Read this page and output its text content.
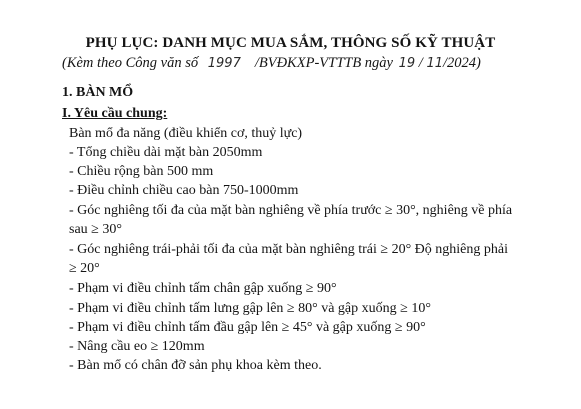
PHỤ LỤC: DANH MỤC MUA SẮM, THÔNG SỐ KỸ THUẬT
(Kèm theo Công văn số 1997 /BVĐKXP-VTTTB ngày 19 / 11/2024)
1. BÀN MỔ
I. Yêu cầu chung:
Bàn mổ đa năng (điều khiển cơ, thuỷ lực)
- Tổng chiều dài mặt bàn 2050mm
- Chiều rộng bàn 500 mm
- Điều chỉnh chiều cao bàn 750-1000mm
- Góc nghiêng tối đa của mặt bàn nghiêng về phía trước ≥ 30°, nghiêng về phía
sau ≥ 30°
- Góc nghiêng trái-phải tối đa của mặt bàn nghiêng trái ≥ 20° Độ nghiêng phải
≥ 20°
- Phạm vi điều chỉnh tấm chân gập xuống ≥ 90°
- Phạm vi điều chỉnh tấm lưng gập lên ≥ 80° và gập xuống ≥ 10°
- Phạm vi điều chỉnh tấm đầu gập lên ≥ 45° và gập xuống ≥ 90°
- Nâng cầu eo ≥ 120mm
- Bàn mổ có chân đỡ sản phụ khoa kèm theo.
